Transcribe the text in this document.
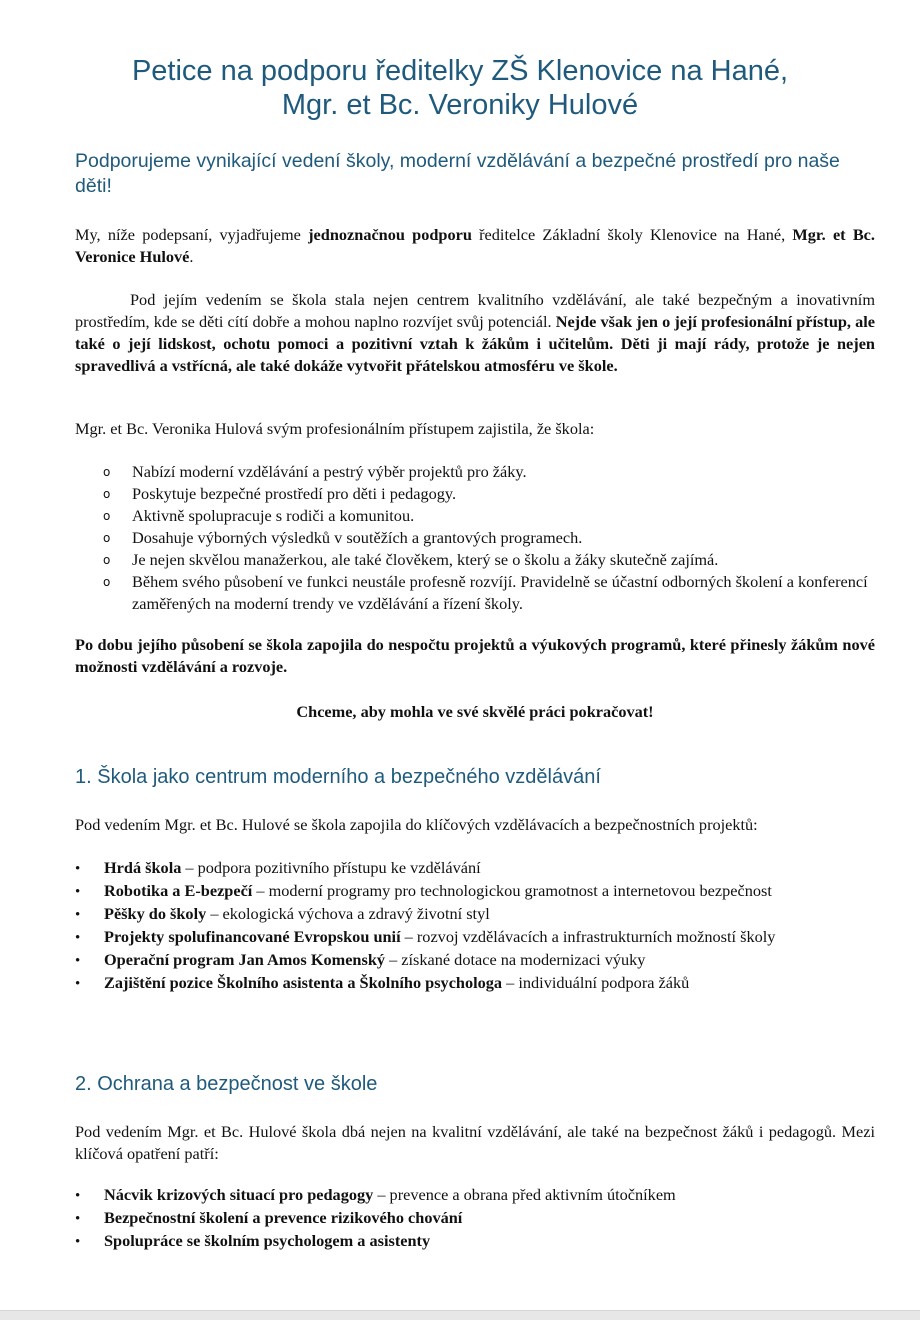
Petice na podporu ředitelky ZŠ Klenovice na Hané,
Mgr. et Bc. Veroniky Hulové
Podporujeme vynikající vedení školy, moderní vzdělávání a bezpečné prostředí pro naše děti!

My, níže podepsaní, vyjadřujeme jednoznačnou podporu ředitelce Základní školy Klenovice na Hané, Mgr. et Bc. Veronice Hulové.

Pod jejím vedením se škola stala nejen centrem kvalitního vzdělávání, ale také bezpečným a inovativním prostředím, kde se děti cítí dobře a mohou naplno rozvíjet svůj potenciál. Nejde však jen o její profesionální přístup, ale také o její lidskost, ochotu pomoci a pozitivní vztah k žákům i učitelům. Děti ji mají rády, protože je nejen spravedlivá a vstřícná, ale také dokáže vytvořit přátelskou atmosféru ve škole.

Mgr. et Bc. Veronika Hulová svým profesionálním přístupem zajistila, že škola:

o Nabízí moderní vzdělávání a pestrý výběr projektů pro žáky.
o Poskytuje bezpečné prostředí pro děti i pedagogy.
o Aktivně spolupracuje s rodiči a komunitou.
o Dosahuje výborných výsledků v soutěžích a grantových programech.
o Je nejen skvělou manažerkou, ale také člověkem, který se o školu a žáky skutečně zajímá.
o Během svého působení ve funkci neustále profesně rozvíjí. Pravidelně se účastní odborných školení a konferencí zaměřených na moderní trendy ve vzdělávání a řízení školy.

Po dobu jejího působení se škola zapojila do nespočtu projektů a výukových programů, které přinesly žákům nové možnosti vzdělávání a rozvoje.

Chceme, aby mohla ve své skvělé práci pokračovat!

1. Škola jako centrum moderního a bezpečného vzdělávání

Pod vedením Mgr. et Bc. Hulové se škola zapojila do klíčových vzdělávacích a bezpečnostních projektů:

• Hrdá škola – podpora pozitivního přístupu ke vzdělávání
• Robotika a E-bezpečí – moderní programy pro technologickou gramotnost a internetovou bezpečnost
• Pěšky do školy – ekologická výchova a zdravý životní styl
• Projekty spolufinancované Evropskou unií – rozvoj vzdělávacích a infrastrukturních možností školy
• Operační program Jan Amos Komenský – získané dotace na modernizaci výuky
• Zajištění pozice Školního asistenta a Školního psychologa – individuální podpora žáků
2. Ochrana a bezpečnost ve škole

Pod vedením Mgr. et Bc. Hulové škola dbá nejen na kvalitní vzdělávání, ale také na bezpečnost žáků i pedagogů. Mezi klíčová opatření patří:

• Nácvik krizových situací pro pedagogy – prevence a obrana před aktivním útočníkem
• Bezpečnostní školení a prevence rizikového chování
• Spolupráce se školním psychologem a asistenty
